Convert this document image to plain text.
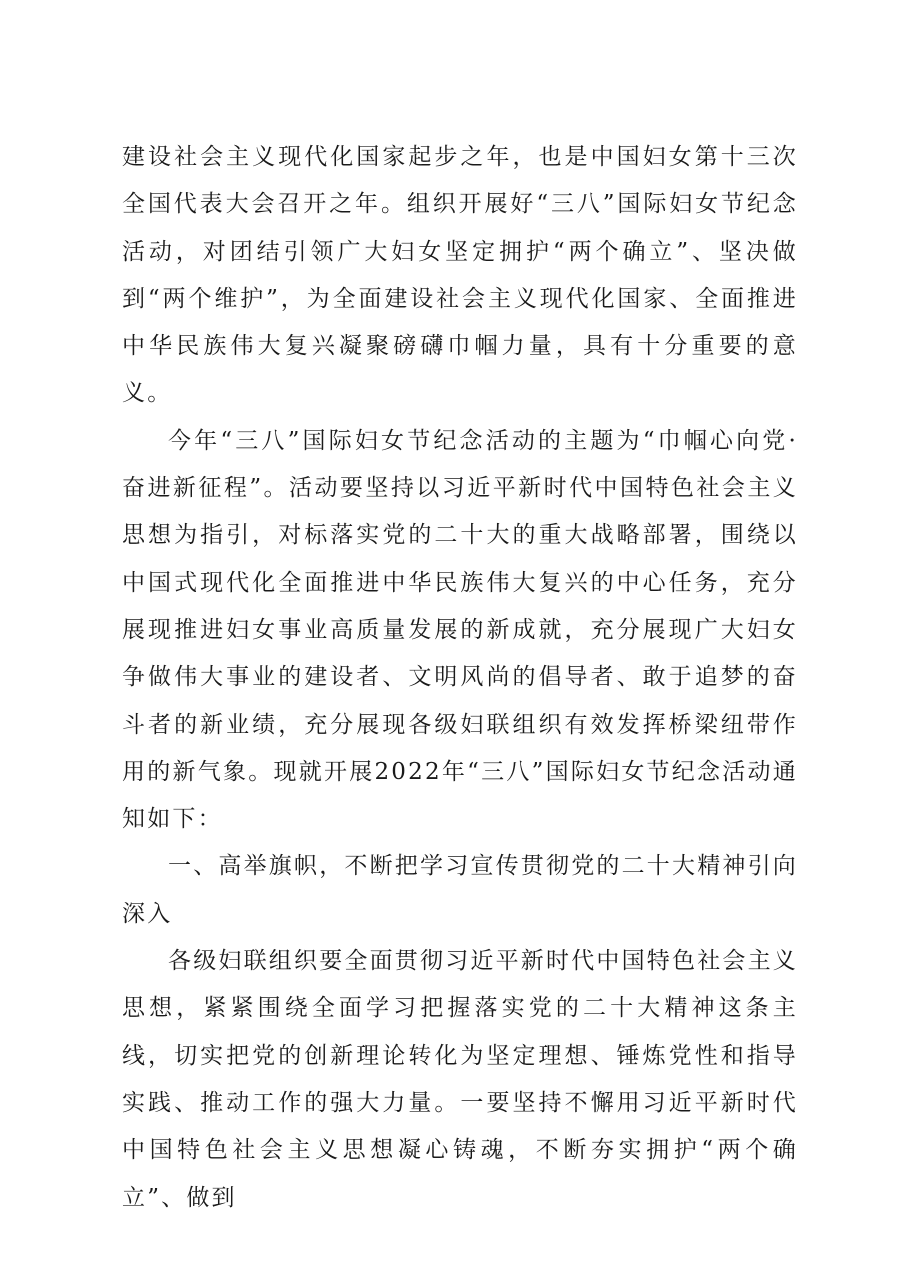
建设社会主义现代化国家起步之年，也是中国妇女第十三次全国代表大会召开之年。组织开展好“三八”国际妇女节纪念活动，对团结引领广大妇女坚定拥护“两个确立”、坚决做到“两个维护”，为全面建设社会主义现代化国家、全面推进中华民族伟大复兴凝聚磅礴巾帼力量，具有十分重要的意义。

今年“三八”国际妇女节纪念活动的主题为“巾帼心向党·奋进新征程”。活动要坚持以习近平新时代中国特色社会主义思想为指引，对标落实党的二十大的重大战略部署，围绕以中国式现代化全面推进中华民族伟大复兴的中心任务，充分展现推进妇女事业高质量发展的新成就，充分展现广大妇女争做伟大事业的建设者、文明风尚的倡导者、敢于追梦的奋斗者的新业绩，充分展现各级妇联组织有效发挥桥梁纽带作用的新气象。现就开展2022年“三八”国际妇女节纪念活动通知如下：

一、高举旗帜，不断把学习宣传贯彻党的二十大精神引向深入

各级妇联组织要全面贯彻习近平新时代中国特色社会主义思想，紧紧围绕全面学习把握落实党的二十大精神这条主线，切实把党的创新理论转化为坚定理想、锤炼党性和指导实践、推动工作的强大力量。一要坚持不懈用习近平新时代中国特色社会主义思想凝心铸魂，不断夯实拥护“两个确立”、做到
